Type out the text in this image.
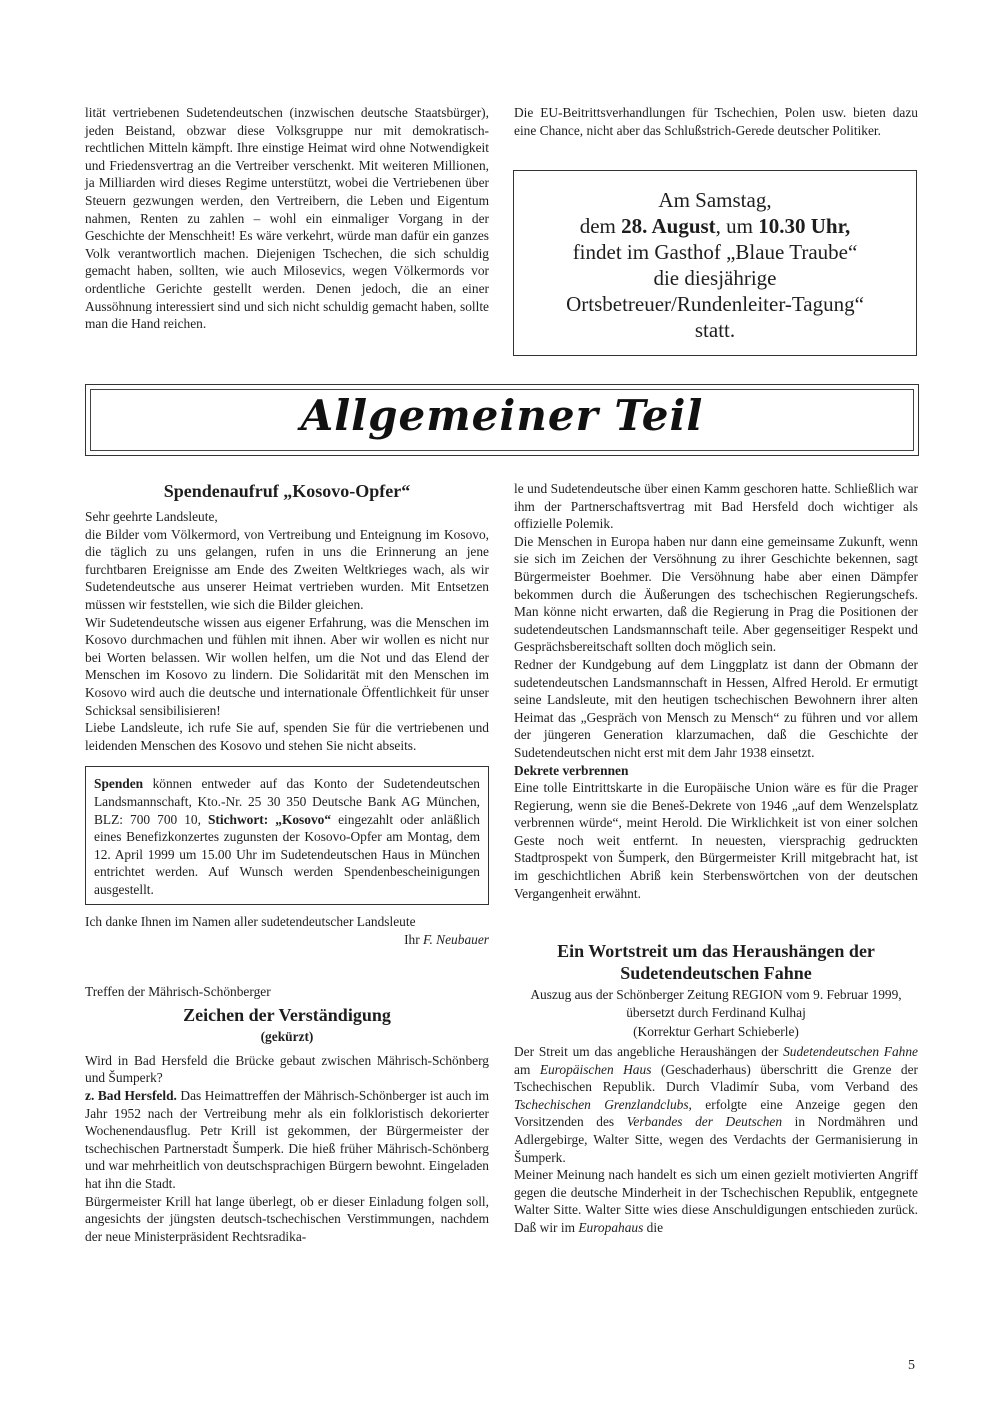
lität vertriebenen Sudetendeutschen (inzwischen deutsche Staatsbürger), jeden Beistand, obzwar diese Volksgruppe nur mit demokratisch-rechtlichen Mitteln kämpft. Ihre einstige Heimat wird ohne Notwendigkeit und Friedensvertrag an die Vertreiber verschenkt. Mit weiteren Millionen, ja Milliarden wird dieses Regime unterstützt, wobei die Vertriebenen über Steuern gezwungen werden, den Vertreibern, die Leben und Eigentum nahmen, Renten zu zahlen – wohl ein einmaliger Vorgang in der Geschichte der Menschheit! Es wäre verkehrt, würde man dafür ein ganzes Volk verantwortlich machen. Diejenigen Tschechen, die sich schuldig gemacht haben, sollten, wie auch Milosevics, wegen Völkermords vor ordentliche Gerichte gestellt werden. Denen jedoch, die an einer Aussöhnung interessiert sind und sich nicht schuldig gemacht haben, sollte man die Hand reichen.

Die EU-Beitrittsverhandlungen für Tschechien, Polen usw. bieten dazu eine Chance, nicht aber das Schlußstrich-Gerede deutscher Politiker.

Am Samstag,
dem 28. August, um 10.30 Uhr,
findet im Gasthof „Blaue Traube“
die diesjährige
Ortsbetreuer/Rundenleiter-Tagung“
statt.
Allgemeiner Teil
Spendenaufruf „Kosovo-Opfer“

Sehr geehrte Landsleute,

die Bilder vom Völkermord, von Vertreibung und Enteignung im Kosovo, die täglich zu uns gelangen, rufen in uns die Erinnerung an jene furchtbaren Ereignisse am Ende des Zweiten Weltkrieges wach, als wir Sudetendeutsche aus unserer Heimat vertrieben wurden. Mit Entsetzen müssen wir feststellen, wie sich die Bilder gleichen.

Wir Sudetendeutsche wissen aus eigener Erfahrung, was die Menschen im Kosovo durchmachen und fühlen mit ihnen. Aber wir wollen es nicht nur bei Worten belassen. Wir wollen helfen, um die Not und das Elend der Menschen im Kosovo zu lindern. Die Solidarität mit den Menschen im Kosovo wird auch die deutsche und internationale Öffentlichkeit für unser Schicksal sensibilisieren!

Liebe Landsleute, ich rufe Sie auf, spenden Sie für die vertriebenen und leidenden Menschen des Kosovo und stehen Sie nicht abseits.

Spenden können entweder auf das Konto der Sudetendeutschen Landsmannschaft, Kto.-Nr. 25 30 350 Deutsche Bank AG München, BLZ: 700 700 10, Stichwort: „Kosovo“ eingezahlt oder anläßlich eines Benefizkonzertes zugunsten der Kosovo-Opfer am Montag, dem 12. April 1999 um 15.00 Uhr im Sudetendeutschen Haus in München entrichtet werden. Auf Wunsch werden Spendenbescheinigungen ausgestellt.

Ich danke Ihnen im Namen aller sudetendeutscher Landsleute

Ihr F. Neubauer

Treffen der Mährisch-Schönberger

Zeichen der Verständigung

(gekürzt)

Wird in Bad Hersfeld die Brücke gebaut zwischen Mährisch-Schönberg und Šumperk?

z. Bad Hersfeld. Das Heimattreffen der Mährisch-Schönberger ist auch im Jahr 1952 nach der Vertreibung mehr als ein folkloristisch dekorierter Wochenendausflug. Petr Krill ist gekommen, der Bürgermeister der tschechischen Partnerstadt Šumperk. Die hieß früher Mährisch-Schönberg und war mehrheitlich von deutschsprachigen Bürgern bewohnt. Eingeladen hat ihn die Stadt.

Bürgermeister Krill hat lange überlegt, ob er dieser Einladung folgen soll, angesichts der jüngsten deutsch-tschechischen Verstimmungen, nachdem der neue Ministerpräsident Rechtsradika-

le und Sudetendeutsche über einen Kamm geschoren hatte. Schließlich war ihm der Partnerschaftsvertrag mit Bad Hersfeld doch wichtiger als offizielle Polemik.

Die Menschen in Europa haben nur dann eine gemeinsame Zukunft, wenn sie sich im Zeichen der Versöhnung zu ihrer Geschichte bekennen, sagt Bürgermeister Boehmer. Die Versöhnung habe aber einen Dämpfer bekommen durch die Äußerungen des tschechischen Regierungschefs. Man könne nicht erwarten, daß die Regierung in Prag die Positionen der sudetendeutschen Landsmannschaft teile. Aber gegenseitiger Respekt und Gesprächsbereitschaft sollten doch möglich sein.

Redner der Kundgebung auf dem Linggplatz ist dann der Obmann der sudetendeutschen Landsmannschaft in Hessen, Alfred Herold. Er ermutigt seine Landsleute, mit den heutigen tschechischen Bewohnern ihrer alten Heimat das „Gespräch von Mensch zu Mensch“ zu führen und vor allem der jüngeren Generation klarzumachen, daß die Geschichte der Sudetendeutschen nicht erst mit dem Jahr 1938 einsetzt.

Dekrete verbrennen

Eine tolle Eintrittskarte in die Europäische Union wäre es für die Prager Regierung, wenn sie die Beneš-Dekrete von 1946 „auf dem Wenzelsplatz verbrennen würde“, meint Herold. Die Wirklichkeit ist von einer solchen Geste noch weit entfernt. In neuesten, viersprachig gedruckten Stadtprospekt von Šumperk, den Bürgermeister Krill mitgebracht hat, ist im geschichtlichen Abriß kein Sterbenswörtchen von der deutschen Vergangenheit erwähnt.

Ein Wortstreit um das Heraushängen der Sudetendeutschen Fahne

Auszug aus der Schönberger Zeitung REGION vom 9. Februar 1999, übersetzt durch Ferdinand Kulhaj

(Korrektur Gerhart Schieberle)

Der Streit um das angebliche Heraushängen der Sudetendeutschen Fahne am Europäischen Haus (Geschaderhaus) überschritt die Grenze der Tschechischen Republik. Durch Vladimír Suba, vom Verband des Tschechischen Grenzlandclubs, erfolgte eine Anzeige gegen den Vorsitzenden des Verbandes der Deutschen in Nordmähren und Adlergebirge, Walter Sitte, wegen des Verdachts der Germanisierung in Šumperk.

Meiner Meinung nach handelt es sich um einen gezielt motivierten Angriff gegen die deutsche Minderheit in der Tschechischen Republik, entgegnete Walter Sitte. Walter Sitte wies diese Anschuldigungen entschieden zurück. Daß wir im Europahaus die

5
